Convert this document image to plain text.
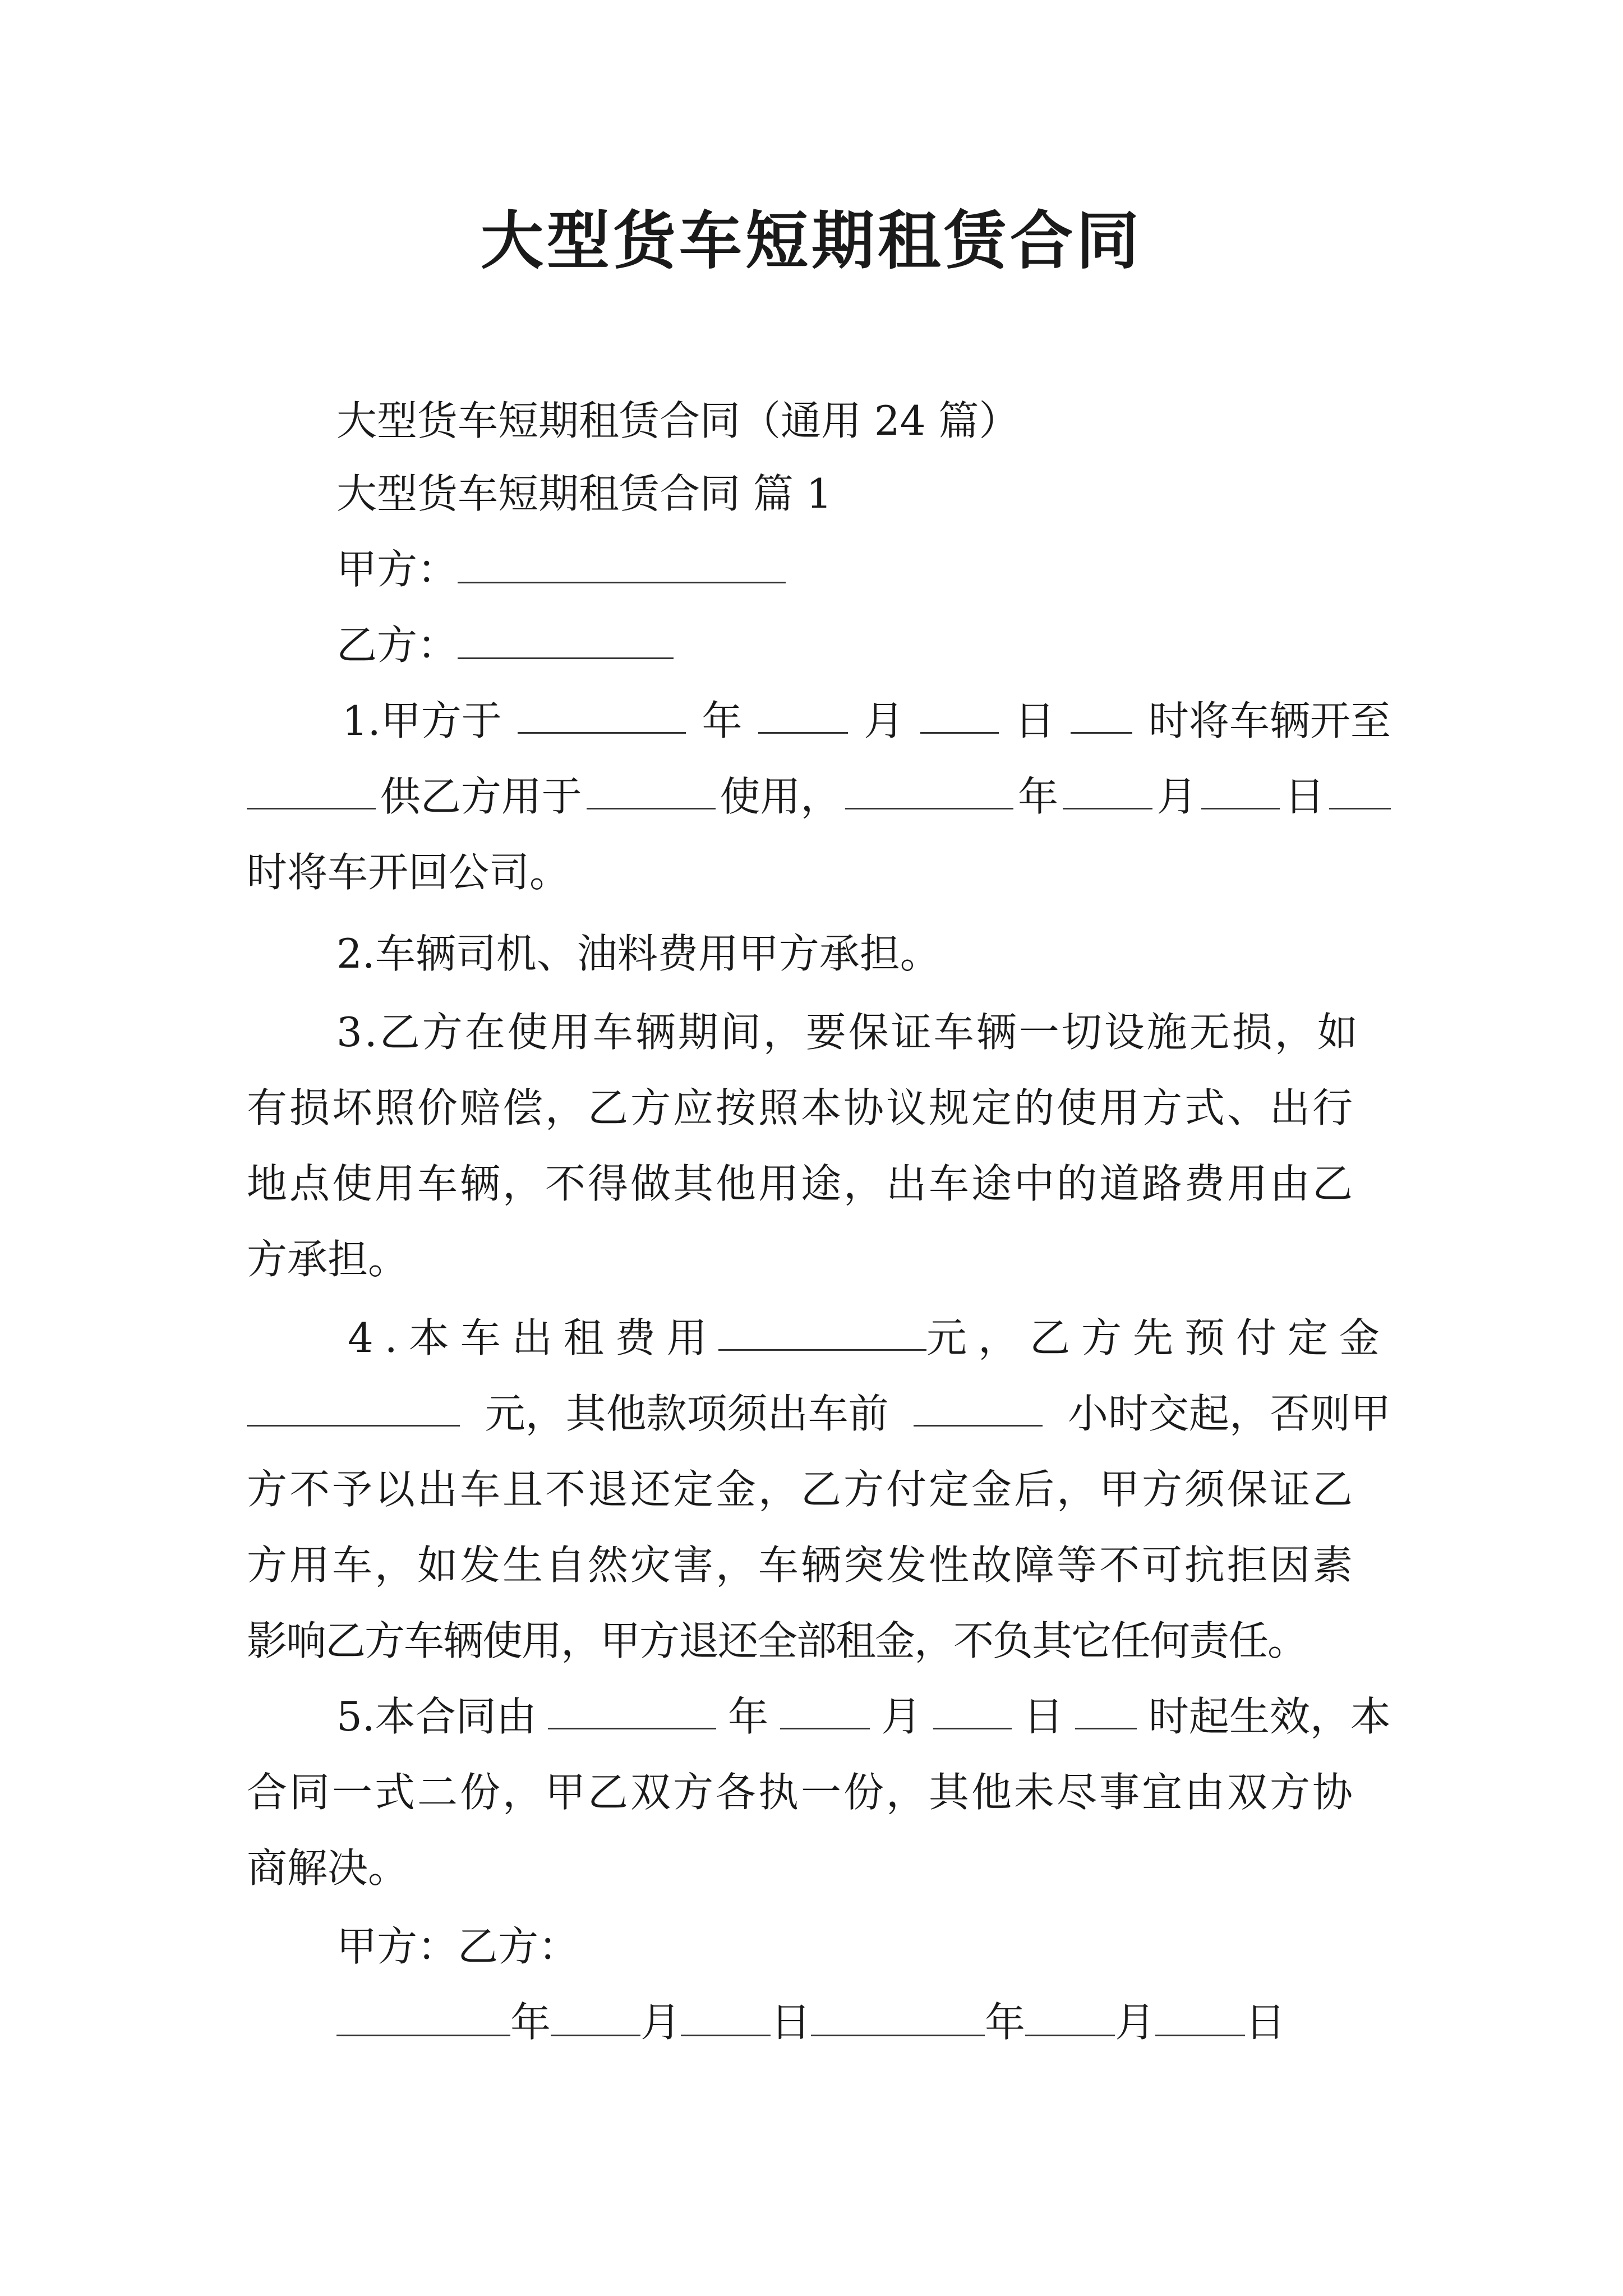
大型货车短期租赁合同
大型货车短期租赁合同（通用 24 篇）
大型货车短期租赁合同 篇 1
甲方：
乙方：
1.甲方于	年	月	日 时将车辆开至
供乙方用于	使用，	年 月 日
时将车开回公司。
2.车辆司机、油料费用甲方承担。
3.乙方在使用车辆期间，要保证车辆一切设施无损，如
有损坏照价赔偿，乙方应按照本协议规定的使用方式、出行
地点使用车辆，不得做其他用途，出车途中的道路费用由乙
方承担。
4.本车出租费用	元，乙方先预付定金
元，其他款项须出车前	小时交起，否则甲
方不予以出车且不退还定金，乙方付定金后，甲方须保证乙
方用车，如发生自然灾害，车辆突发性故障等不可抗拒因素
影响乙方车辆使用，甲方退还全部租金，不负其它任何责任。
5.本合同由	年	月	日 时起生效，本
合同一式二份，甲乙双方各执一份，其他未尽事宜由双方协
商解决。
甲方：乙方：
年 月 日	年 月 日
